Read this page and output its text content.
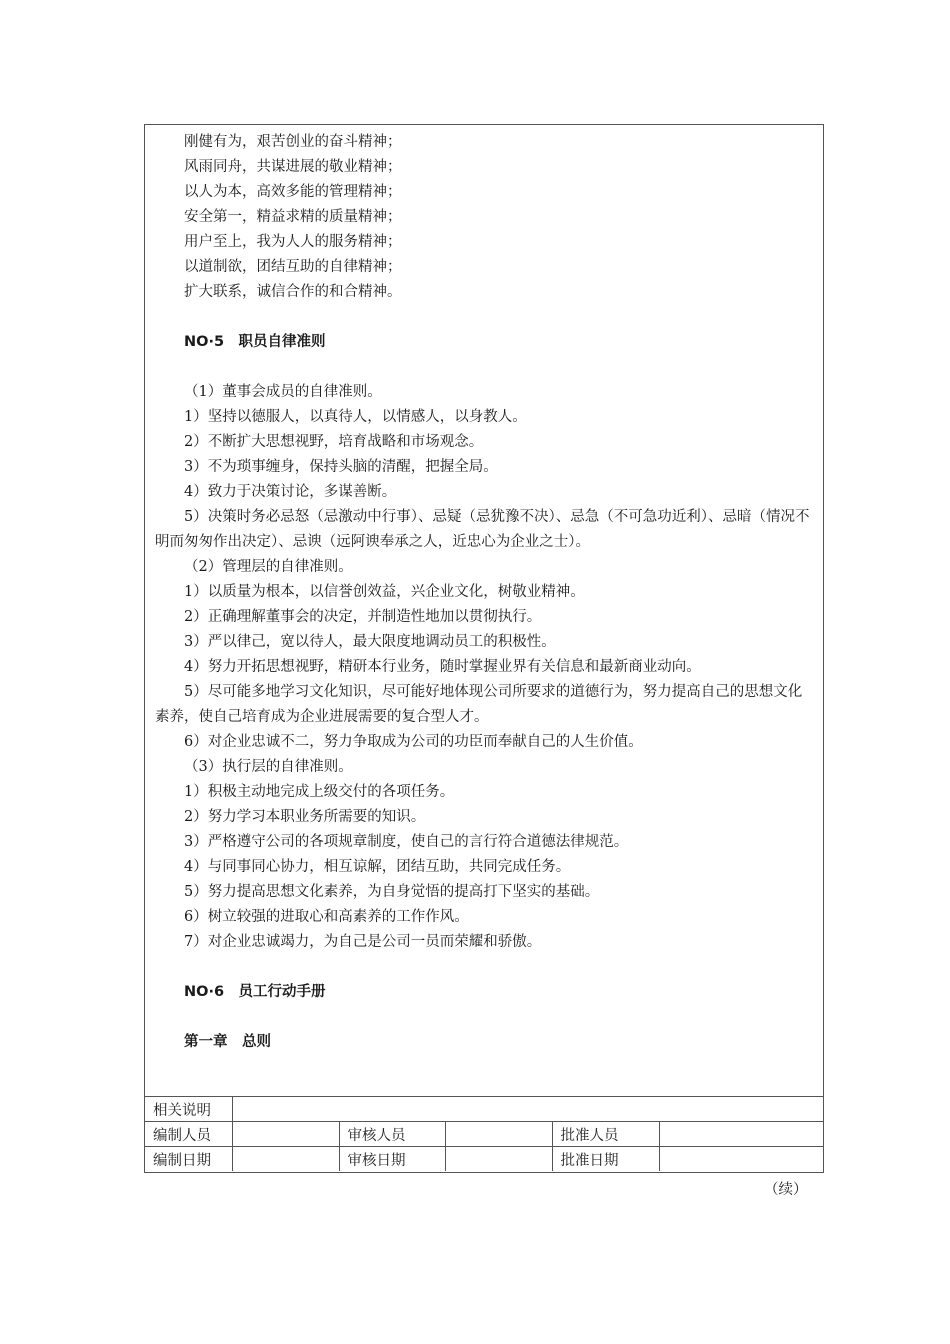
刚健有为，艰苦创业的奋斗精神；

风雨同舟，共谋进展的敬业精神；

以人为本，高效多能的管理精神；

安全第一，精益求精的质量精神；

用户至上，我为人人的服务精神；

以道制欲，团结互助的自律精神；

扩大联系，诚信合作的和合精神。

NO·5　职员自律准则

（1）董事会成员的自律准则。

1）坚持以德服人，以真待人，以情感人，以身教人。

2）不断扩大思想视野，培育战略和市场观念。

3）不为琐事缠身，保持头脑的清醒，把握全局。

4）致力于决策讨论，多谋善断。

5）决策时务必忌怒（忌激动中行事）、忌疑（忌犹豫不决）、忌急（不可急功近利）、忌暗（情况不明而匆匆作出决定）、忌谀（远阿谀奉承之人，近忠心为企业之士）。

（2）管理层的自律准则。

1）以质量为根本，以信誉创效益，兴企业文化，树敬业精神。

2）正确理解董事会的决定，并制造性地加以贯彻执行。

3）严以律己，宽以待人，最大限度地调动员工的积极性。

4）努力开拓思想视野，精研本行业务，随时掌握业界有关信息和最新商业动向。

5）尽可能多地学习文化知识，尽可能好地体现公司所要求的道德行为，努力提高自己的思想文化素养，使自己培育成为企业进展需要的复合型人才。

6）对企业忠诚不二，努力争取成为公司的功臣而奉献自己的人生价值。

（3）执行层的自律准则。

1）积极主动地完成上级交付的各项任务。

2）努力学习本职业务所需要的知识。

3）严格遵守公司的各项规章制度，使自己的言行符合道德法律规范。

4）与同事同心协力，相互谅解，团结互助，共同完成任务。

5）努力提高思想文化素养，为自身觉悟的提高打下坚实的基础。

6）树立较强的进取心和高素养的工作作风。

7）对企业忠诚竭力，为自己是公司一员而荣耀和骄傲。

NO·6　员工行动手册

第一章　总则

相关说明					
编制人员		审核人员		批准人员	
编制日期		审核日期		批准日期	
（续）
